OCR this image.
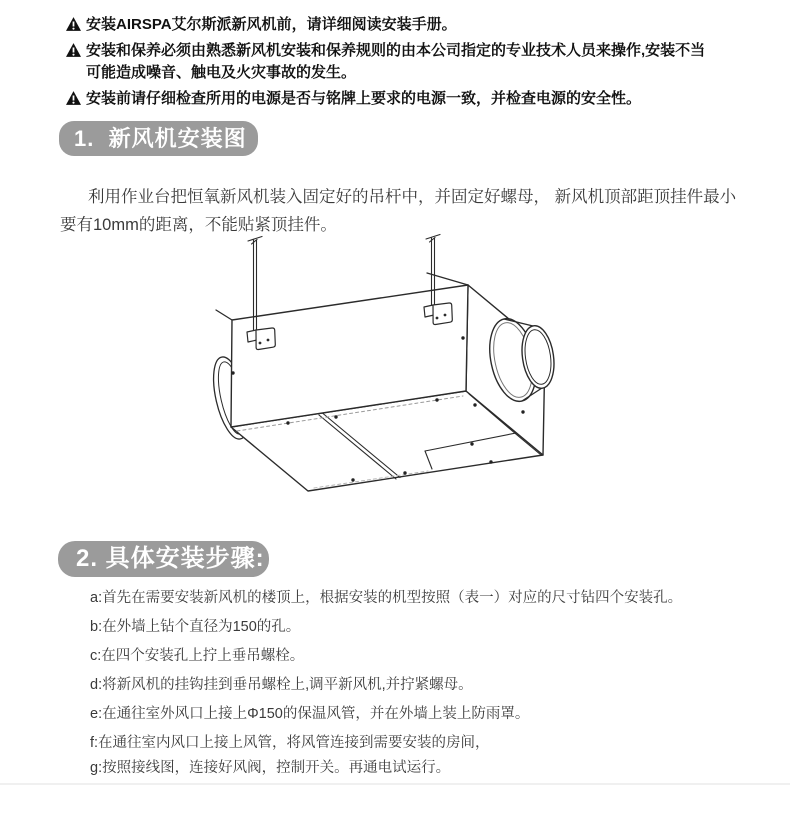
安装AIRSPA艾尔斯派新风机前，请详细阅读安装手册。
安装和保养必须由熟悉新风机安装和保养规则的由本公司指定的专业技术人员来操作,安装不当可能造成噪音、触电及火灾事故的发生。
安装前请仔细检查所用的电源是否与铭牌上要求的电源一致，并检查电源的安全性。
1.  新风机安装图

利用作业台把恒氧新风机装入固定好的吊杆中，并固定好螺母， 新风机顶部距顶挂件最小要有10mm的距离，不能贴紧顶挂件。

2. 具体安装步骤:
a:首先在需要安装新风机的楼顶上，根据安装的机型按照（表一）对应的尺寸钻四个安装孔。
b:在外墙上钻个直径为150的孔。
c:在四个安装孔上拧上垂吊螺栓。
d:将新风机的挂钩挂到垂吊螺栓上,调平新风机,并拧紧螺母。
e:在通往室外风口上接上Φ150的保温风管，并在外墙上装上防雨罩。
f:在通往室内风口上接上风管，将风管连接到需要安装的房间，
g:按照接线图，连接好风阀，控制开关。再通电试运行。
